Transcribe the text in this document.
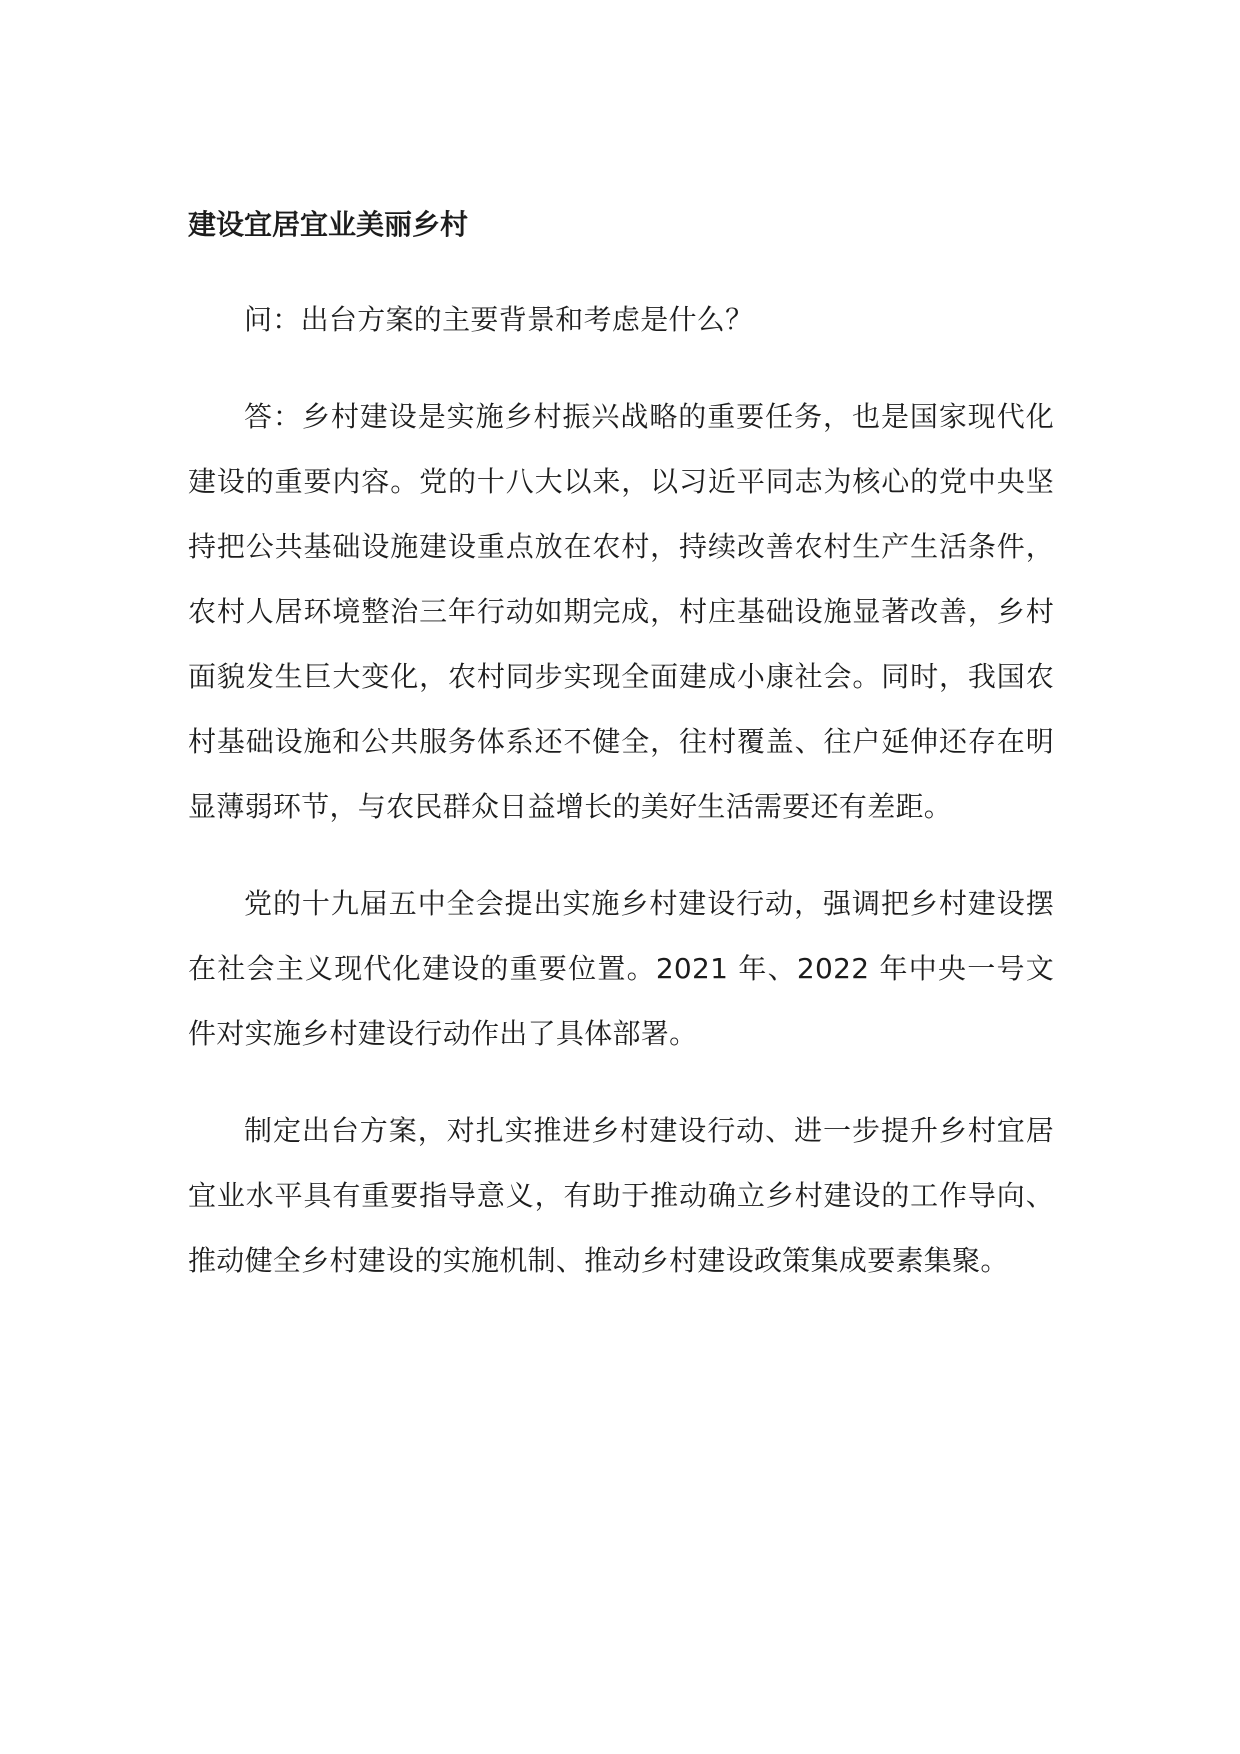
建设宜居宜业美丽乡村

问：出台方案的主要背景和考虑是什么？

答：乡村建设是实施乡村振兴战略的重要任务，也是国家现代化建设的重要内容。党的十八大以来，以习近平同志为核心的党中央坚持把公共基础设施建设重点放在农村，持续改善农村生产生活条件，农村人居环境整治三年行动如期完成，村庄基础设施显著改善，乡村面貌发生巨大变化，农村同步实现全面建成小康社会。同时，我国农村基础设施和公共服务体系还不健全，往村覆盖、往户延伸还存在明显薄弱环节，与农民群众日益增长的美好生活需要还有差距。

党的十九届五中全会提出实施乡村建设行动，强调把乡村建设摆在社会主义现代化建设的重要位置。2021 年、2022 年中央一号文件对实施乡村建设行动作出了具体部署。

制定出台方案，对扎实推进乡村建设行动、进一步提升乡村宜居宜业水平具有重要指导意义，有助于推动确立乡村建设的工作导向、推动健全乡村建设的实施机制、推动乡村建设政策集成要素集聚。
